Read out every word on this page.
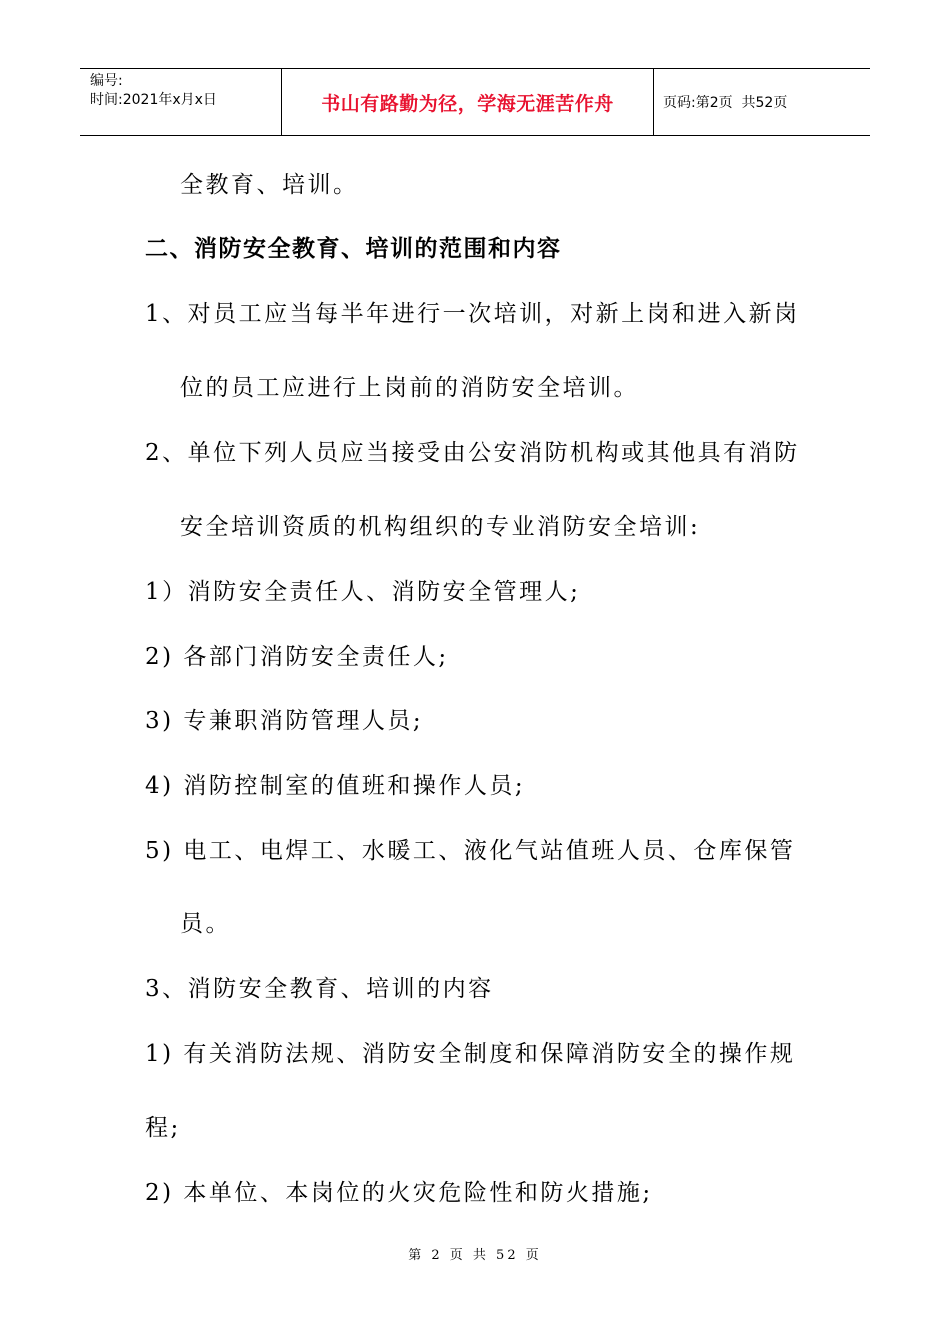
编号:
时间:2021年x月x日	书山有路勤为径，学海无涯苦作舟	页码:第2页  共52页
全教育、培训。
二、消防安全教育、培训的范围和内容
1、对员工应当每半年进行一次培训，对新上岗和进入新岗
位的员工应进行上岗前的消防安全培训。
2、单位下列人员应当接受由公安消防机构或其他具有消防
安全培训资质的机构组织的专业消防安全培训:
1）消防安全责任人、消防安全管理人;
2) 各部门消防安全责任人;
3) 专兼职消防管理人员;
4) 消防控制室的值班和操作人员;
5) 电工、电焊工、水暖工、液化气站值班人员、仓库保管
员。
3、消防安全教育、培训的内容
1) 有关消防法规、消防安全制度和保障消防安全的操作规
程;
2) 本单位、本岗位的火灾危险性和防火措施;
第 2 页 共 52 页
